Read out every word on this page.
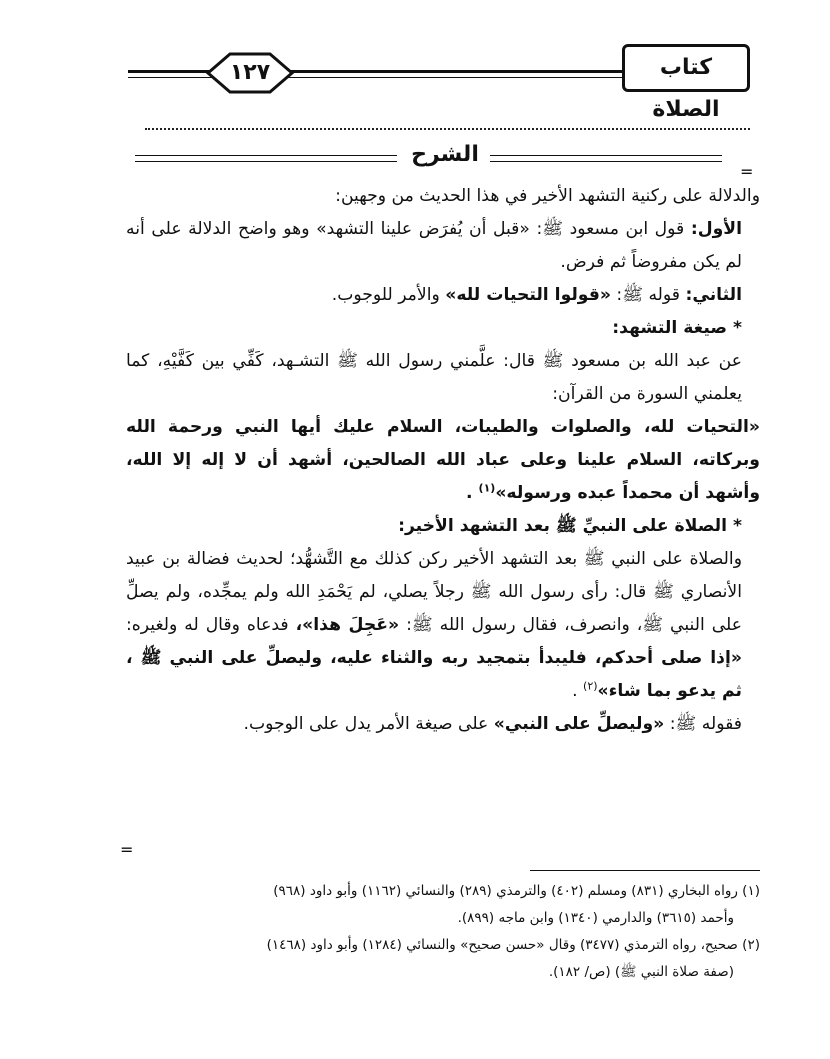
١٢٧	كتاب الصلاة
الشرح
=
=

والدلالة على ركنية التشهد الأخير في هذا الحديث من وجهين:

الأول: قول ابن مسعود ﷺ: «قبل أن يُفرَض علينا التشهد» وهو واضح الدلالة على أنه لم يكن مفروضاً ثم فرض.

الثاني: قوله ﷺ: «قولوا التحيات لله» والأمر للوجوب.

* صيغة التشهد:

عن عبد الله بن مسعود ﷺ قال: علَّمني رسول الله ﷺ التشـهد، كَفِّي بين كَفَّيْهِ، كما يعلمني السورة من القرآن:

«التحيات لله، والصلوات والطيبات، السلام عليك أيها النبي ورحمة الله وبركاته، السلام علينا وعلى عباد الله الصالحين، أشهد أن لا إله إلا الله، وأشهد أن محمداً عبده ورسوله»$^{(١)}$ .

* الصلاة على النبيِّ ﷺ بعد التشهد الأخير:

والصلاة على النبي ﷺ بعد التشهد الأخير ركن كذلك مع التَّشهُّد؛ لحديث فضالة بن عبيد الأنصاري ﷺ قال: رأى رسول الله ﷺ رجلاً يصلي، لم يَحْمَدِ الله ولم يمجِّده، ولم يصلِّ على النبي ﷺ، وانصرف، فقال رسول الله ﷺ: «عَجِلَ هذا»، فدعاه وقال له ولغيره: «إذا صلى أحدكم، فليبدأ بتمجيد ربه والثناء عليه، وليصلِّ على النبي ﷺ ، ثم يدعو بما شاء»$^{(٢)}$ .

فقوله ﷺ: «وليصلِّ على النبي» على صيغة الأمر يدل على الوجوب.

(١) رواه البخاري (٨٣١) ومسلم (٤٠٢) والترمذي (٢٨٩) والنسائي (١١٦٢) وأبو داود (٩٦٨)

وأحمد (٣٦١٥) والدارمي (١٣٤٠) وابن ماجه (٨٩٩).

(٢) صحيح، رواه الترمذي (٣٤٧٧) وقال «حسن صحيح» والنسائي (١٢٨٤) وأبو داود (١٤٦٨)

(صفة صلاة النبي ﷺ) (ص/ ١٨٢).
